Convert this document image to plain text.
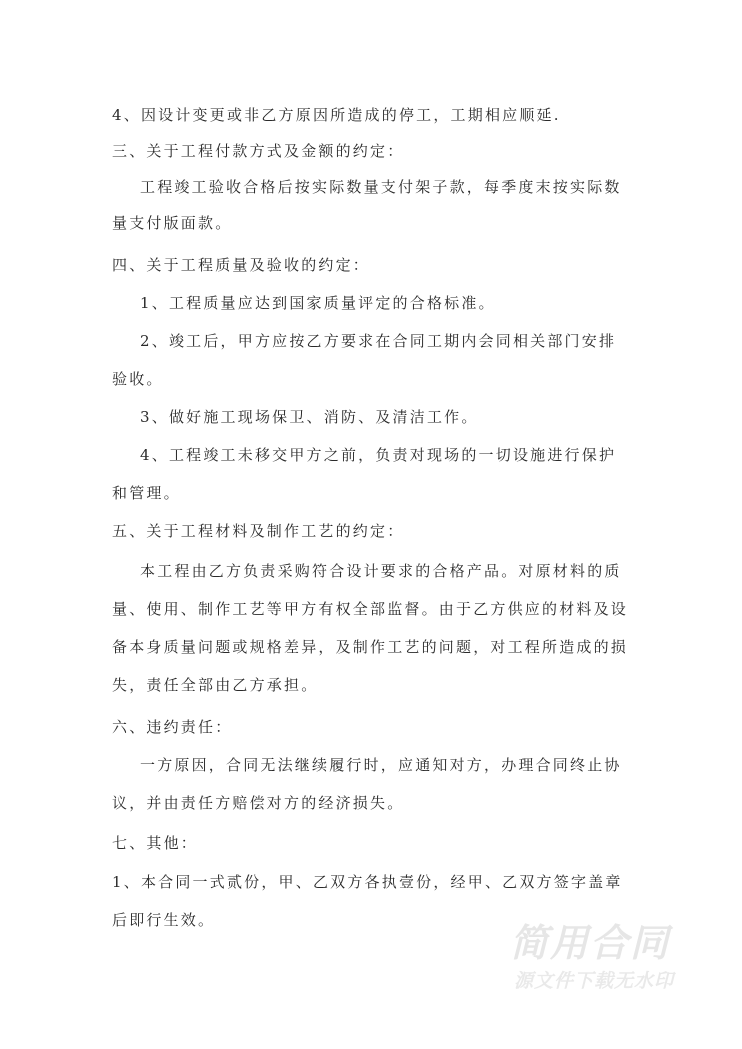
4、因设计变更或非乙方原因所造成的停工，工期相应顺延.
三、关于工程付款方式及金额的约定：
工程竣工验收合格后按实际数量支付架子款，每季度末按实际数
量支付版面款。
四、关于工程质量及验收的约定：
1、工程质量应达到国家质量评定的合格标准。
2、竣工后，甲方应按乙方要求在合同工期内会同相关部门安排
验收。
3、做好施工现场保卫、消防、及清洁工作。
4、工程竣工未移交甲方之前，负责对现场的一切设施进行保护
和管理。
五、关于工程材料及制作工艺的约定：
本工程由乙方负责采购符合设计要求的合格产品。对原材料的质
量、使用、制作工艺等甲方有权全部监督。由于乙方供应的材料及设
备本身质量问题或规格差异，及制作工艺的问题，对工程所造成的损
失，责任全部由乙方承担。
六、违约责任：
一方原因，合同无法继续履行时，应通知对方，办理合同终止协
议，并由责任方赔偿对方的经济损失。
七、其他：
1、本合同一式贰份，甲、乙双方各执壹份，经甲、乙双方签字盖章
后即行生效。
简用合同
源文件下载无水印
